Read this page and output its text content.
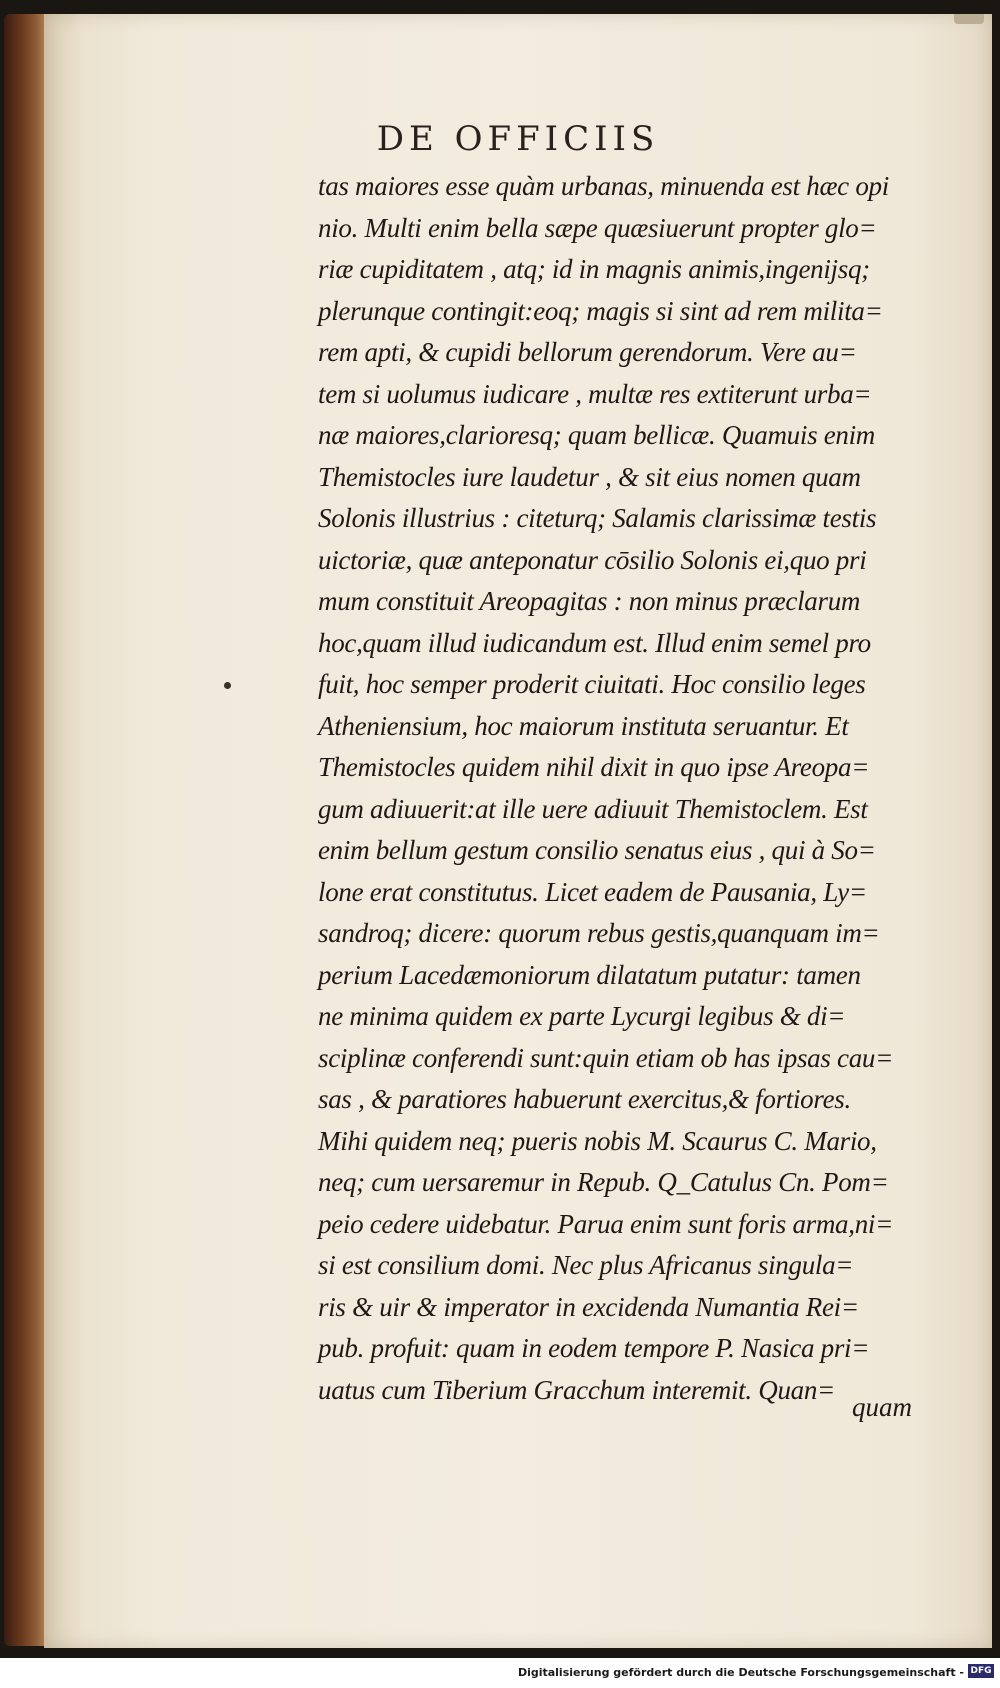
DE OFFICIIS
tas maiores esse quàm urbanas, minuenda est hæc opi
nio. Multi enim bella sæpe quæsiuerunt propter glo=
riæ cupiditatem , atq; id in magnis animis,ingenijsq;
plerunque contingit:eoq; magis si sint ad rem milita=
rem apti, & cupidi bellorum gerendorum. Vere au=
tem si uolumus iudicare , multæ res extiterunt urba=
næ maiores,clarioresq; quam bellicæ. Quamuis enim
Themistocles iure laudetur , & sit eius nomen quam
Solonis illustrius : citeturq; Salamis clarissimæ testis
uictoriæ, quæ anteponatur cōsilio Solonis ei,quo pri
mum constituit Areopagitas : non minus præclarum
hoc,quam illud iudicandum est. Illud enim semel pro
fuit, hoc semper proderit ciuitati. Hoc consilio leges
Atheniensium, hoc maiorum instituta seruantur. Et
Themistocles quidem nihil dixit in quo ipse Areopa=
gum adiuuerit:at ille uere adiuuit Themistoclem. Est
enim bellum gestum consilio senatus eius , qui à So=
lone erat constitutus. Licet eadem de Pausania, Ly=
sandroq; dicere: quorum rebus gestis,quanquam im=
perium Lacedæmoniorum dilatatum putatur: tamen
ne minima quidem ex parte Lycurgi legibus & di=
sciplinæ conferendi sunt:quin etiam ob has ipsas cau=
sas , & paratiores habuerunt exercitus,& fortiores.
Mihi quidem neq; pueris nobis M. Scaurus C. Mario,
neq; cum uersaremur in Repub. Q_Catulus Cn. Pom=
peio cedere uidebatur. Parua enim sunt foris arma,ni=
si est consilium domi. Nec plus Africanus singula=
ris & uir & imperator in excidenda Numantia Rei=
pub. profuit: quam in eodem tempore P. Nasica pri=
uatus cum Tiberium Gracchum interemit. Quan=
quam
Digitalisierung gefördert durch die Deutsche Forschungsgemeinschaft - DFG
